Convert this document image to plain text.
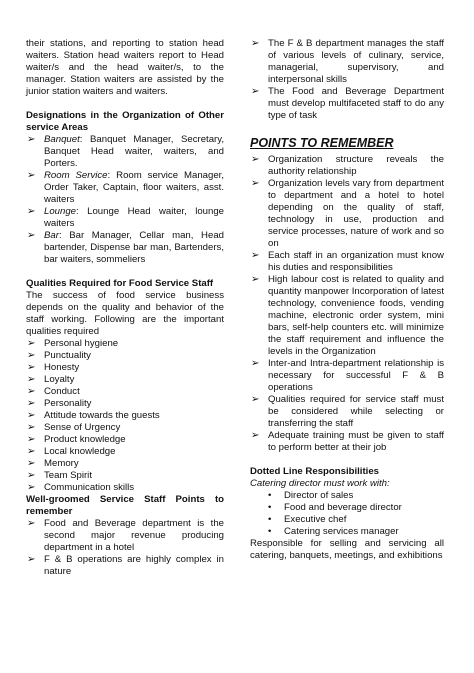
their stations, and reporting to station head

waiters. Station head waiters report to Head

waiter/s and the head waiter/s, to the

manager. Station waiters are assisted by the

junior station waiters and waiters.

Designations in the Organization of Other service Areas

➢ Banquet: Banquet Manager, Secretary, Banquet Head waiter, waiters, and Porters.
➢ Room Service: Room service Manager, Order Taker, Captain, floor waiters, asst. waiters
➢ Lounge: Lounge Head waiter, lounge waiters
➢ Bar: Bar Manager, Cellar man, Head bartender, Dispense bar man, Bartenders, bar waiters, sommeliers

Qualities Required for Food Service Staff

The success of food service business depends on the quality and behavior of the staff working. Following are the important qualities required

➢ Personal hygiene
➢ Punctuality
➢ Honesty
➢ Loyalty
➢ Conduct
➢ Personality
➢ Attitude towards the guests
➢ Sense of Urgency
➢ Product knowledge
➢ Local knowledge
➢ Memory
➢ Team Spirit
➢ Communication skills

Well-groomed Service Staff Points to remember

➢ Food and Beverage department is the second major revenue producing department in a hotel
➢ F & B operations are highly complex in nature
➢ The F & B department manages the staff of various levels of culinary, service, managerial, supervisory, and interpersonal skills
➢ The Food and Beverage Department must develop multifaceted staff to do any type of task
POINTS TO REMEMBER
➢ Organization structure reveals the authority relationship
➢ Organization levels vary from department to department and a hotel to hotel depending on the quality of staff, technology in use, production and service processes, nature of work and so on
➢ Each staff in an organization must know his duties and responsibilities
➢ High labour cost is related to quality and quantity manpower Incorporation of latest technology, convenience foods, vending machine, electronic order system, mini bars, self-help counters etc. will minimize the staff requirement and influence the levels in the Organization
➢ Inter-and Intra-department relationship is necessary for successful F & B operations
➢ Qualities required for service staff must be considered while selecting or transferring the staff
➢ Adequate training must be given to staff to perform better at their job

Dotted Line Responsibilities

Catering director must work with:

• Director of sales
• Food and beverage director
• Executive chef
• Catering services manager

Responsible for selling and servicing all catering, banquets, meetings, and exhibitions
